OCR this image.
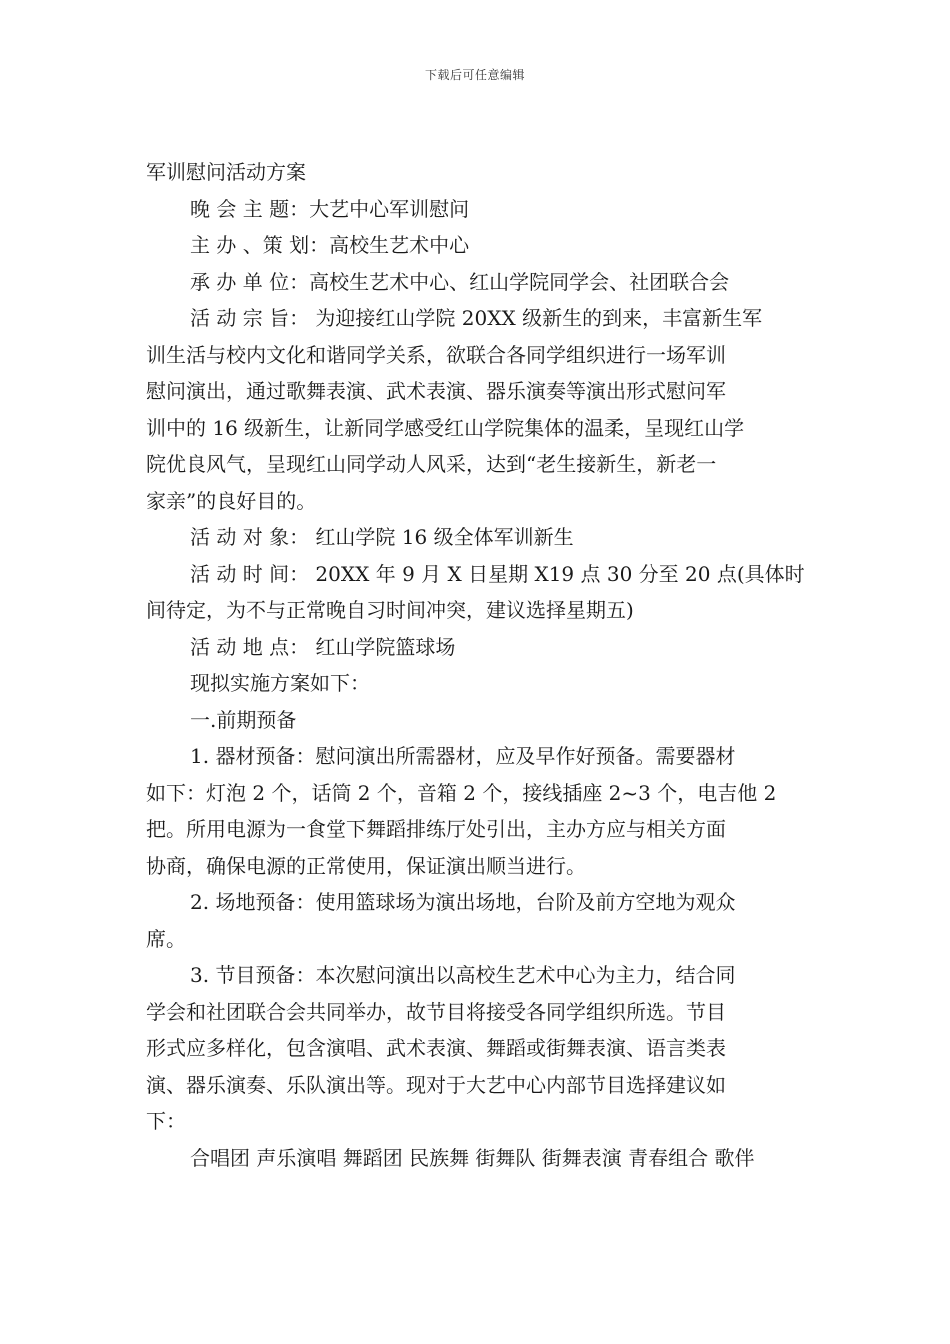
下载后可任意编辑

军训慰问活动方案

晚 会 主 题：大艺中心军训慰问

主 办 、策 划：高校生艺术中心

承 办 单 位：高校生艺术中心、红山学院同学会、社团联合会

活 动 宗 旨： 为迎接红山学院 20XX 级新生的到来，丰富新生军

训生活与校内文化和谐同学关系，欲联合各同学组织进行一场军训

慰问演出，通过歌舞表演、武术表演、器乐演奏等演出形式慰问军

训中的 16 级新生，让新同学感受红山学院集体的温柔，呈现红山学

院优良风气，呈现红山同学动人风采，达到“老生接新生，新老一

家亲”的良好目的。

活 动 对 象： 红山学院 16 级全体军训新生

活 动 时 间： 20XX 年 9 月 X 日星期 X19 点 30 分至 20 点(具体时

间待定，为不与正常晚自习时间冲突，建议选择星期五)

活 动 地 点： 红山学院篮球场

现拟实施方案如下：

一.前期预备

1. 器材预备：慰问演出所需器材，应及早作好预备。需要器材

如下：灯泡 2 个，话筒 2 个，音箱 2 个，接线插座 2~3 个，电吉他 2

把。所用电源为一食堂下舞蹈排练厅处引出，主办方应与相关方面

协商，确保电源的正常使用，保证演出顺当进行。

2. 场地预备：使用篮球场为演出场地，台阶及前方空地为观众

席。

3. 节目预备：本次慰问演出以高校生艺术中心为主力，结合同

学会和社团联合会共同举办，故节目将接受各同学组织所选。节目

形式应多样化，包含演唱、武术表演、舞蹈或街舞表演、语言类表

演、器乐演奏、乐队演出等。现对于大艺中心内部节目选择建议如

下：

合唱团 声乐演唱 舞蹈团 民族舞 街舞队 街舞表演 青春组合 歌伴
